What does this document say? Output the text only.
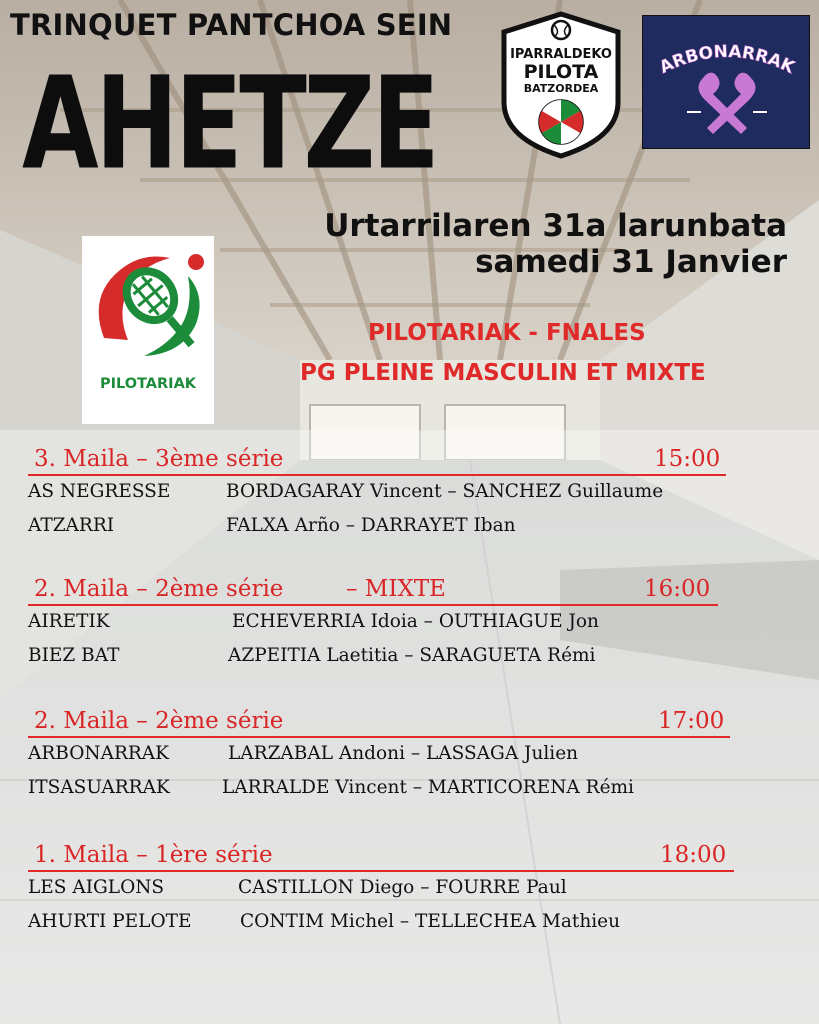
TRINQUET PANTCHOA SEIN
AHETZE
Urtarrilaren 31a larunbata
samedi 31 Janvier
IPARRALDEKO
PILOTA
BATZORDEA
ARBONARRAK
PILOTARIAK
PILOTARIAK - FNALES
PG PLEINE MASCULIN ET MIXTE
3. Maila – 3ème série	15:00
AS NEGRESSE	BORDAGARAY Vincent – SANCHEZ Guillaume
ATZARRI	FALXA Arño – DARRAYET Iban
2. Maila – 2ème série	– MIXTE	16:00
AIRETIK	ECHEVERRIA Idoia – OUTHIAGUE Jon
BIEZ BAT	AZPEITIA Laetitia – SARAGUETA Rémi
2. Maila – 2ème série	17:00
ARBONARRAK	LARZABAL Andoni – LASSAGA Julien
ITSASUARRAK	LARRALDE Vincent – MARTICORENA Rémi
1. Maila – 1ère série	18:00
LES AIGLONS	CASTILLON Diego – FOURRE Paul
AHURTI PELOTE	CONTIM Michel – TELLECHEA Mathieu
